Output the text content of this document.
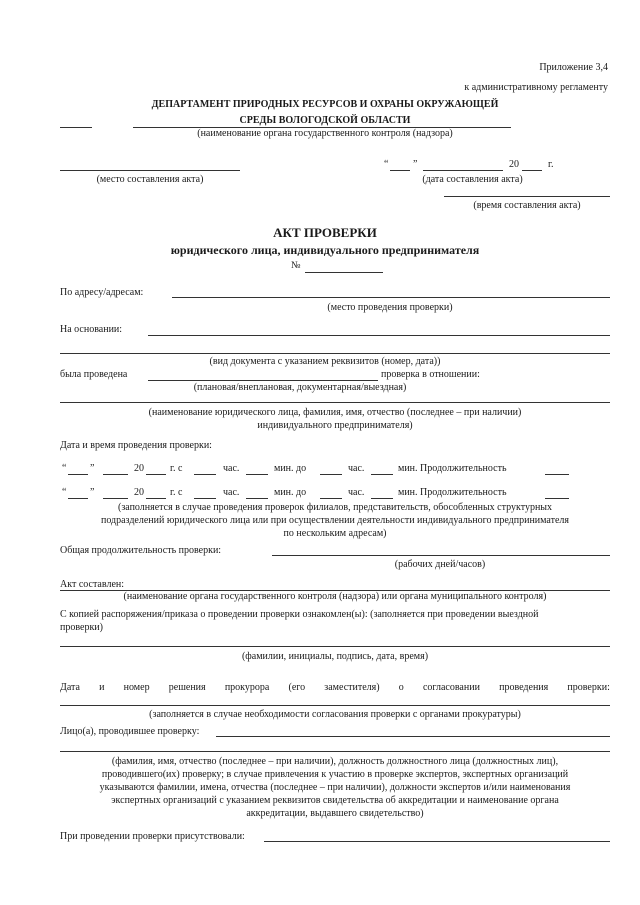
Приложение 3,4
к административному регламенту
ДЕПАРТАМЕНТ ПРИРОДНЫХ РЕСУРСОВ И ОХРАНЫ ОКРУЖАЮЩЕЙ
СРЕДЫ ВОЛОГОДСКОЙ ОБЛАСТИ
(наименование органа государственного контроля (надзора)
(место составления акта)
“ ”	20	г.
(дата составления акта)
(время составления акта)
АКТ ПРОВЕРКИ
юридического лица, индивидуального предпринимателя
№
По адресу/адресам:
(место проведения проверки)
На основании:
(вид документа с указанием реквизитов (номер, дата))
была проведена	проверка в отношении:
(плановая/внеплановая, документарная/выездная)
(наименование юридического лица, фамилия, имя, отчество (последнее – при наличии)
индивидуального предпринимателя)
Дата и время проведения проверки:
“ ”	20	г. с	час.	мин. до	час.	мин. Продолжительность
“ ”	20	г. с	час.	мин. до	час.	мин. Продолжительность
(заполняется в случае проведения проверок филиалов, представительств, обособленных структурных
подразделений юридического лица или при осуществлении деятельности индивидуального предпринимателя
по нескольким адресам)
Общая продолжительность проверки:
(рабочих дней/часов)
Акт составлен:
(наименование органа государственного контроля (надзора) или органа муниципального контроля)
С копией распоряжения/приказа о проведении проверки ознакомлен(ы): (заполняется при проведении выездной
проверки)
(фамилии, инициалы, подпись, дата, время)
Дата и номер решения прокурора (его заместителя) о согласовании проведения проверки:
(заполняется в случае необходимости согласования проверки с органами прокуратуры)
Лицо(а), проводившее проверку:
(фамилия, имя, отчество (последнее – при наличии), должность должностного лица (должностных лиц),
проводившего(их) проверку; в случае привлечения к участию в проверке экспертов, экспертных организаций
указываются фамилии, имена, отчества (последнее – при наличии), должности экспертов и/или наименования
экспертных организаций с указанием реквизитов свидетельства об аккредитации и наименование органа
аккредитации, выдавшего свидетельство)
При проведении проверки присутствовали:
